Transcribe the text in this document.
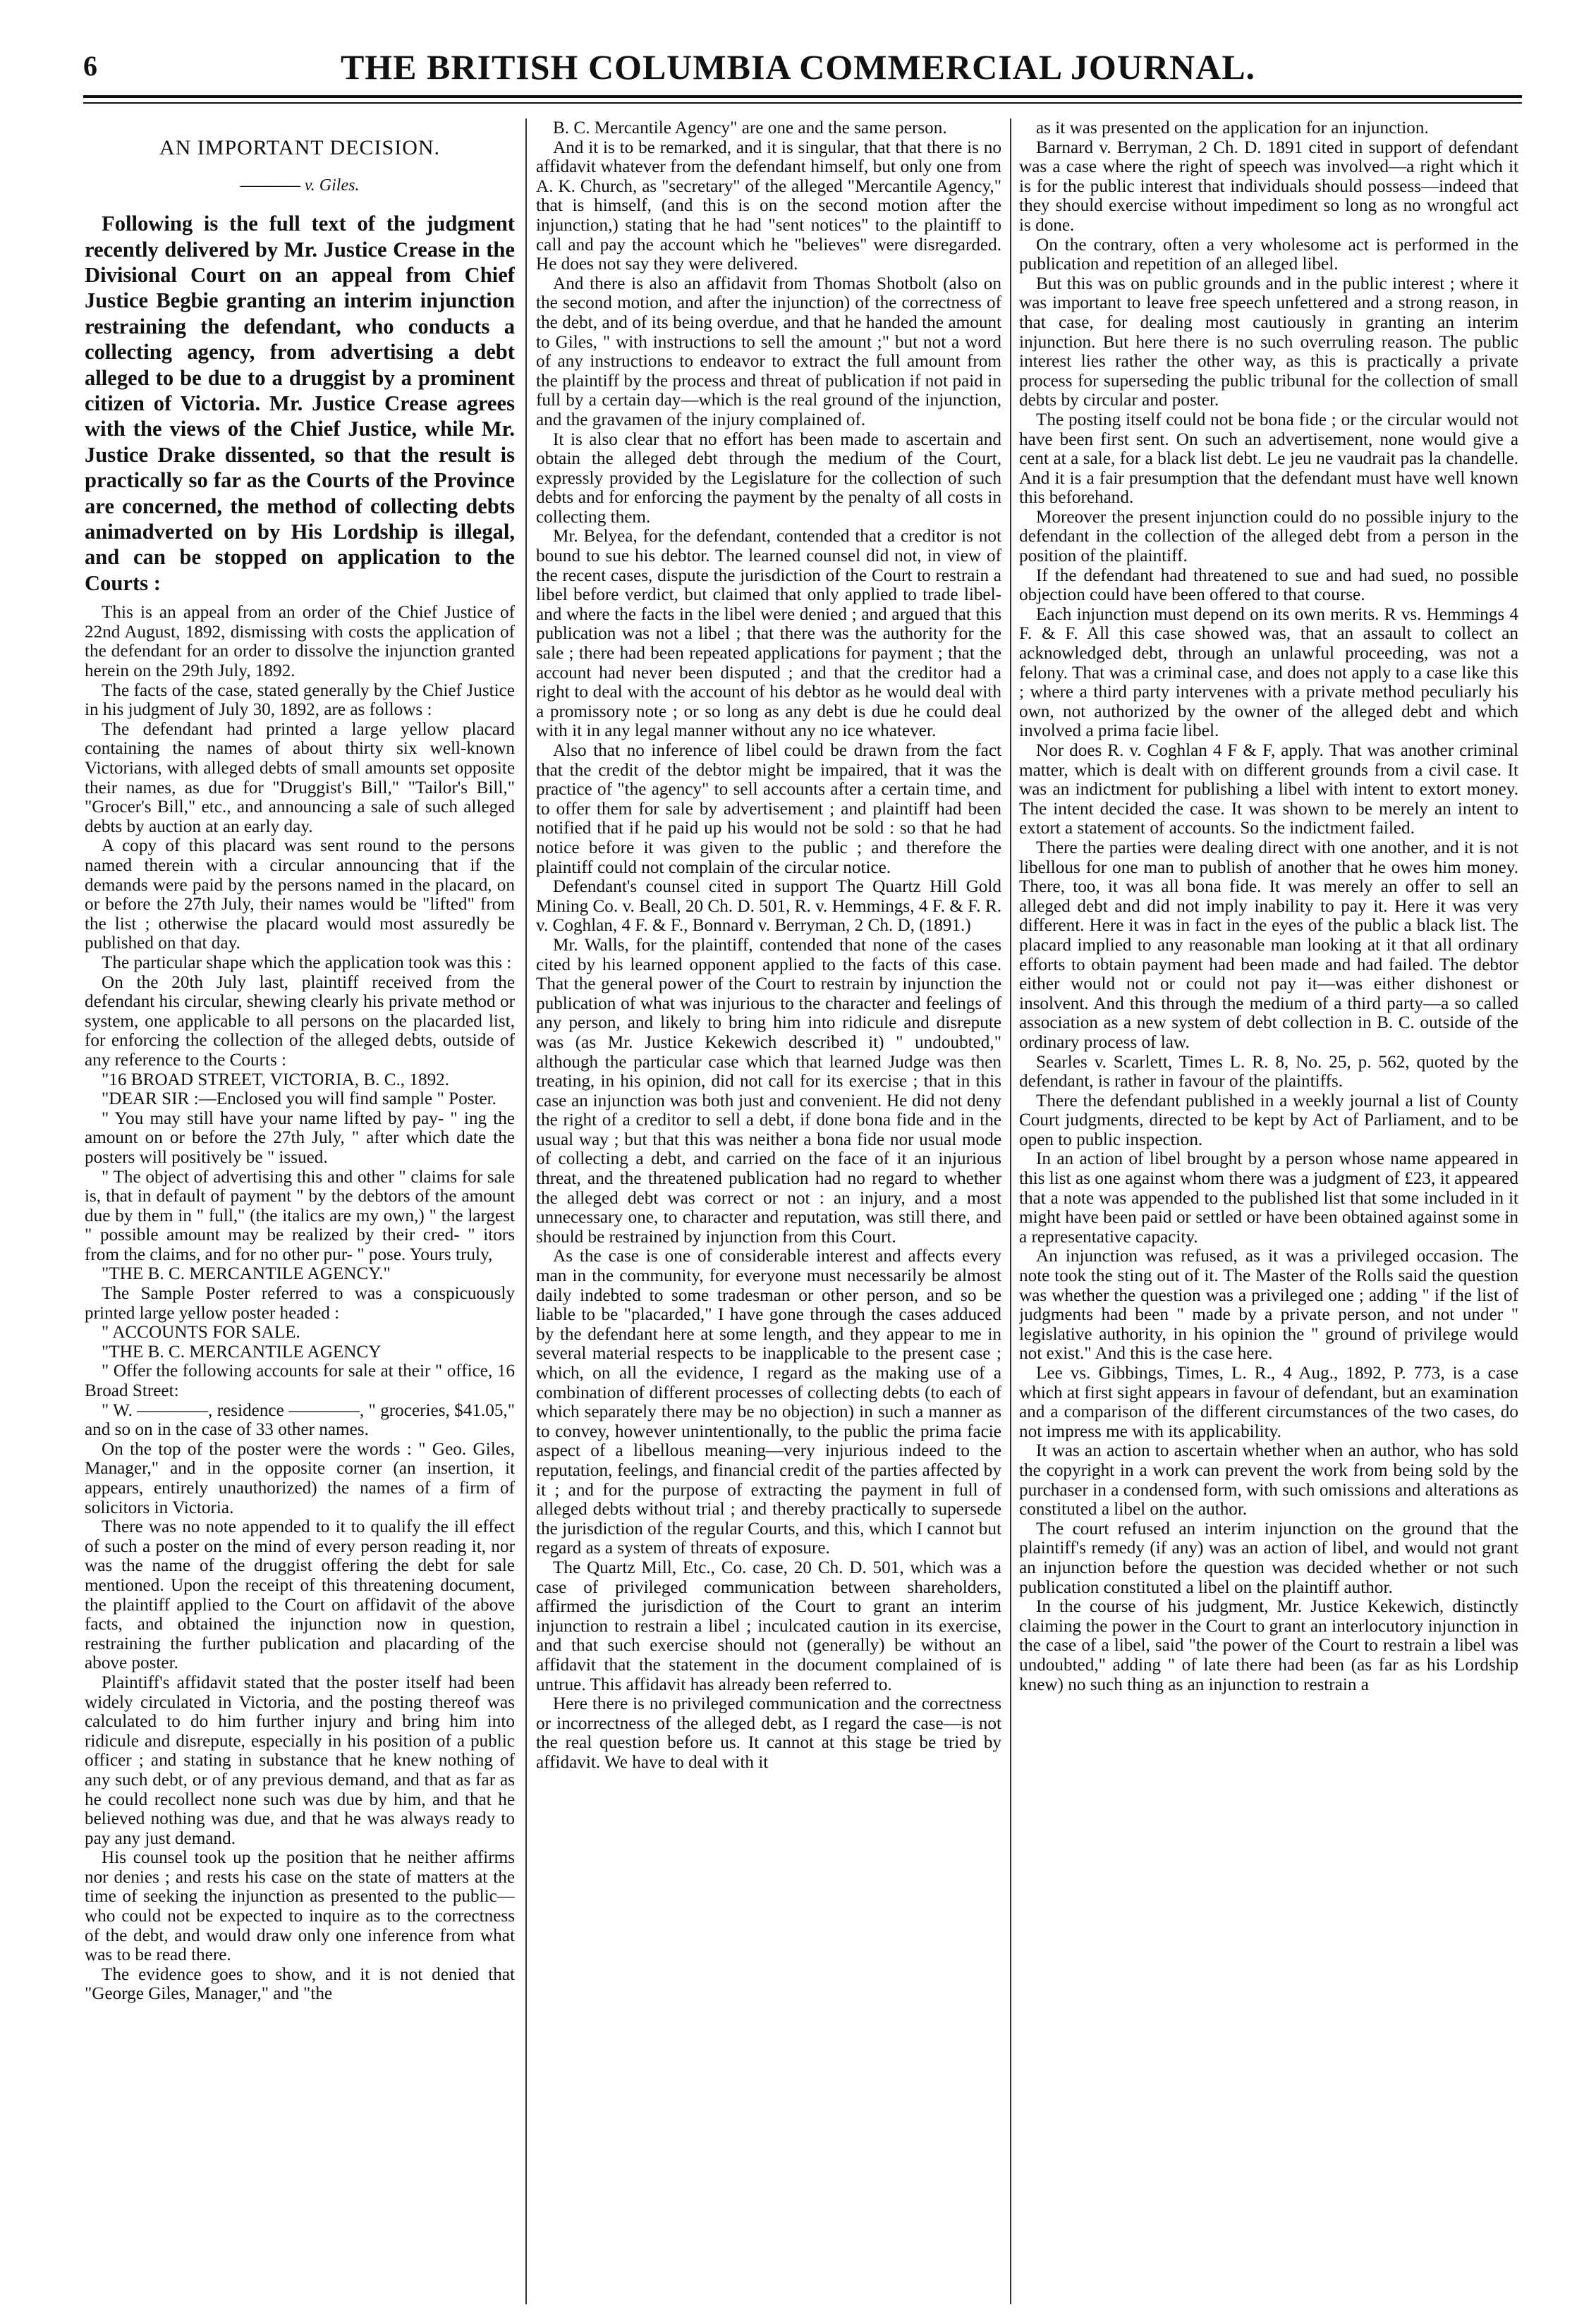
6	THE BRITISH COLUMBIA COMMERCIAL JOURNAL.
AN IMPORTANT DECISION.
———— v. Giles.

Following is the full text of the judgment recently delivered by Mr. Justice Crease in the Divisional Court on an appeal from Chief Justice Begbie granting an interim injunction restraining the defendant, who conducts a collecting agency, from advertising a debt alleged to be due to a druggist by a prominent citizen of Victoria. Mr. Justice Crease agrees with the views of the Chief Justice, while Mr. Justice Drake dissented, so that the result is practically so far as the Courts of the Province are concerned, the method of collecting debts animadverted on by His Lordship is illegal, and can be stopped on application to the Courts :

This is an appeal from an order of the Chief Justice of 22nd August, 1892, dismissing with costs the application of the defendant for an order to dissolve the injunction granted herein on the 29th July, 1892.

The facts of the case, stated generally by the Chief Justice in his judgment of July 30, 1892, are as follows :

The defendant had printed a large yellow placard containing the names of about thirty six well-known Victorians, with alleged debts of small amounts set opposite their names, as due for "Druggist's Bill," "Tailor's Bill," "Grocer's Bill," etc., and announcing a sale of such alleged debts by auction at an early day.

A copy of this placard was sent round to the persons named therein with a circular announcing that if the demands were paid by the persons named in the placard, on or before the 27th July, their names would be "lifted" from the list ; otherwise the placard would most assuredly be published on that day.

The particular shape which the application took was this :

On the 20th July last, plaintiff received from the defendant his circular, shewing clearly his private method or system, one applicable to all persons on the placarded list, for enforcing the collection of the alleged debts, outside of any reference to the Courts :

"16 BROAD STREET, VICTORIA, B. C., 1892.

"DEAR SIR :—Enclosed you will find sample " Poster.

" You may still have your name lifted by pay- " ing the amount on or before the 27th July, " after which date the posters will positively be " issued.

" The object of advertising this and other " claims for sale is, that in default of payment " by the debtors of the amount due by them in " full," (the italics are my own,) " the largest " possible amount may be realized by their cred- " itors from the claims, and for no other pur- " pose. Yours truly,

"THE B. C. MERCANTILE AGENCY."

The Sample Poster referred to was a conspicuously printed large yellow poster headed :

" ACCOUNTS FOR SALE.

"THE B. C. MERCANTILE AGENCY

" Offer the following accounts for sale at their " office, 16 Broad Street:

" W. ————, residence ————, " groceries, $41.05," and so on in the case of 33 other names.

On the top of the poster were the words : " Geo. Giles, Manager," and in the opposite corner (an insertion, it appears, entirely unauthorized) the names of a firm of solicitors in Victoria.

There was no note appended to it to qualify the ill effect of such a poster on the mind of every person reading it, nor was the name of the druggist offering the debt for sale mentioned. Upon the receipt of this threatening document, the plaintiff applied to the Court on affidavit of the above facts, and obtained the injunction now in question, restraining the further publication and placarding of the above poster.

Plaintiff's affidavit stated that the poster itself had been widely circulated in Victoria, and the posting thereof was calculated to do him further injury and bring him into ridicule and disrepute, especially in his position of a public officer ; and stating in substance that he knew nothing of any such debt, or of any previous demand, and that as far as he could recollect none such was due by him, and that he believed nothing was due, and that he was always ready to pay any just demand.

His counsel took up the position that he neither affirms nor denies ; and rests his case on the state of matters at the time of seeking the injunction as presented to the public—who could not be expected to inquire as to the correctness of the debt, and would draw only one inference from what was to be read there.

The evidence goes to show, and it is not denied that "George Giles, Manager," and "the

B. C. Mercantile Agency" are one and the same person.

And it is to be remarked, and it is singular, that that there is no affidavit whatever from the defendant himself, but only one from A. K. Church, as "secretary" of the alleged "Mercantile Agency," that is himself, (and this is on the second motion after the injunction,) stating that he had "sent notices" to the plaintiff to call and pay the account which he "believes" were disregarded. He does not say they were delivered.

And there is also an affidavit from Thomas Shotbolt (also on the second motion, and after the injunction) of the correctness of the debt, and of its being overdue, and that he handed the amount to Giles, " with instructions to sell the amount ;" but not a word of any instructions to endeavor to extract the full amount from the plaintiff by the process and threat of publication if not paid in full by a certain day—which is the real ground of the injunction, and the gravamen of the injury complained of.

It is also clear that no effort has been made to ascertain and obtain the alleged debt through the medium of the Court, expressly provided by the Legislature for the collection of such debts and for enforcing the payment by the penalty of all costs in collecting them.

Mr. Belyea, for the defendant, contended that a creditor is not bound to sue his debtor. The learned counsel did not, in view of the recent cases, dispute the jurisdiction of the Court to restrain a libel before verdict, but claimed that only applied to trade libel- and where the facts in the libel were denied ; and argued that this publication was not a libel ; that there was the authority for the sale ; there had been repeated applications for payment ; that the account had never been disputed ; and that the creditor had a right to deal with the account of his debtor as he would deal with a promissory note ; or so long as any debt is due he could deal with it in any legal manner without any no ice whatever.

Also that no inference of libel could be drawn from the fact that the credit of the debtor might be impaired, that it was the practice of "the agency" to sell accounts after a certain time, and to offer them for sale by advertisement ; and plaintiff had been notified that if he paid up his would not be sold : so that he had notice before it was given to the public ; and therefore the plaintiff could not complain of the circular notice.

Defendant's counsel cited in support The Quartz Hill Gold Mining Co. v. Beall, 20 Ch. D. 501, R. v. Hemmings, 4 F. & F. R. v. Coghlan, 4 F. & F., Bonnard v. Berryman, 2 Ch. D, (1891.)

Mr. Walls, for the plaintiff, contended that none of the cases cited by his learned opponent applied to the facts of this case. That the general power of the Court to restrain by injunction the publication of what was injurious to the character and feelings of any person, and likely to bring him into ridicule and disrepute was (as Mr. Justice Kekewich described it) " undoubted," although the particular case which that learned Judge was then treating, in his opinion, did not call for its exercise ; that in this case an injunction was both just and convenient. He did not deny the right of a creditor to sell a debt, if done bona fide and in the usual way ; but that this was neither a bona fide nor usual mode of collecting a debt, and carried on the face of it an injurious threat, and the threatened publication had no regard to whether the alleged debt was correct or not : an injury, and a most unnecessary one, to character and reputation, was still there, and should be restrained by injunction from this Court.

As the case is one of considerable interest and affects every man in the community, for everyone must necessarily be almost daily indebted to some tradesman or other person, and so be liable to be "placarded," I have gone through the cases adduced by the defendant here at some length, and they appear to me in several material respects to be inapplicable to the present case ; which, on all the evidence, I regard as the making use of a combination of different processes of collecting debts (to each of which separately there may be no objection) in such a manner as to convey, however unintentionally, to the public the prima facie aspect of a libellous meaning—very injurious indeed to the reputation, feelings, and financial credit of the parties affected by it ; and for the purpose of extracting the payment in full of alleged debts without trial ; and thereby practically to supersede the jurisdiction of the regular Courts, and this, which I cannot but regard as a system of threats of exposure.

The Quartz Mill, Etc., Co. case, 20 Ch. D. 501, which was a case of privileged communication between shareholders, affirmed the jurisdiction of the Court to grant an interim injunction to restrain a libel ; inculcated caution in its exercise, and that such exercise should not (generally) be without an affidavit that the statement in the document complained of is untrue. This affidavit has already been referred to.

Here there is no privileged communication and the correctness or incorrectness of the alleged debt, as I regard the case—is not the real question before us. It cannot at this stage be tried by affidavit. We have to deal with it

as it was presented on the application for an injunction.

Barnard v. Berryman, 2 Ch. D. 1891 cited in support of defendant was a case where the right of speech was involved—a right which it is for the public interest that individuals should possess—indeed that they should exercise without impediment so long as no wrongful act is done.

On the contrary, often a very wholesome act is performed in the publication and repetition of an alleged libel.

But this was on public grounds and in the public interest ; where it was important to leave free speech unfettered and a strong reason, in that case, for dealing most cautiously in granting an interim injunction. But here there is no such overruling reason. The public interest lies rather the other way, as this is practically a private process for superseding the public tribunal for the collection of small debts by circular and poster.

The posting itself could not be bona fide ; or the circular would not have been first sent. On such an advertisement, none would give a cent at a sale, for a black list debt. Le jeu ne vaudrait pas la chandelle. And it is a fair presumption that the defendant must have well known this beforehand.

Moreover the present injunction could do no possible injury to the defendant in the collection of the alleged debt from a person in the position of the plaintiff.

If the defendant had threatened to sue and had sued, no possible objection could have been offered to that course.

Each injunction must depend on its own merits. R vs. Hemmings 4 F. & F. All this case showed was, that an assault to collect an acknowledged debt, through an unlawful proceeding, was not a felony. That was a criminal case, and does not apply to a case like this ; where a third party intervenes with a private method peculiarly his own, not authorized by the owner of the alleged debt and which involved a prima facie libel.

Nor does R. v. Coghlan 4 F & F, apply. That was another criminal matter, which is dealt with on different grounds from a civil case. It was an indictment for publishing a libel with intent to extort money. The intent decided the case. It was shown to be merely an intent to extort a statement of accounts. So the indictment failed.

There the parties were dealing direct with one another, and it is not libellous for one man to publish of another that he owes him money. There, too, it was all bona fide. It was merely an offer to sell an alleged debt and did not imply inability to pay it. Here it was very different. Here it was in fact in the eyes of the public a black list. The placard implied to any reasonable man looking at it that all ordinary efforts to obtain payment had been made and had failed. The debtor either would not or could not pay it—was either dishonest or insolvent. And this through the medium of a third party—a so called association as a new system of debt collection in B. C. outside of the ordinary process of law.

Searles v. Scarlett, Times L. R. 8, No. 25, p. 562, quoted by the defendant, is rather in favour of the plaintiffs.

There the defendant published in a weekly journal a list of County Court judgments, directed to be kept by Act of Parliament, and to be open to public inspection.

In an action of libel brought by a person whose name appeared in this list as one against whom there was a judgment of £23, it appeared that a note was appended to the published list that some included in it might have been paid or settled or have been obtained against some in a representative capacity.

An injunction was refused, as it was a privileged occasion. The note took the sting out of it. The Master of the Rolls said the question was whether the question was a privileged one ; adding " if the list of judgments had been " made by a private person, and not under " legislative authority, in his opinion the " ground of privilege would not exist." And this is the case here.

Lee vs. Gibbings, Times, L. R., 4 Aug., 1892, P. 773, is a case which at first sight appears in favour of defendant, but an examination and a comparison of the different circumstances of the two cases, do not impress me with its applicability.

It was an action to ascertain whether when an author, who has sold the copyright in a work can prevent the work from being sold by the purchaser in a condensed form, with such omissions and alterations as constituted a libel on the author.

The court refused an interim injunction on the ground that the plaintiff's remedy (if any) was an action of libel, and would not grant an injunction before the question was decided whether or not such publication constituted a libel on the plaintiff author.

In the course of his judgment, Mr. Justice Kekewich, distinctly claiming the power in the Court to grant an interlocutory injunction in the case of a libel, said "the power of the Court to restrain a libel was undoubted," adding " of late there had been (as far as his Lordship knew) no such thing as an injunction to restrain a
